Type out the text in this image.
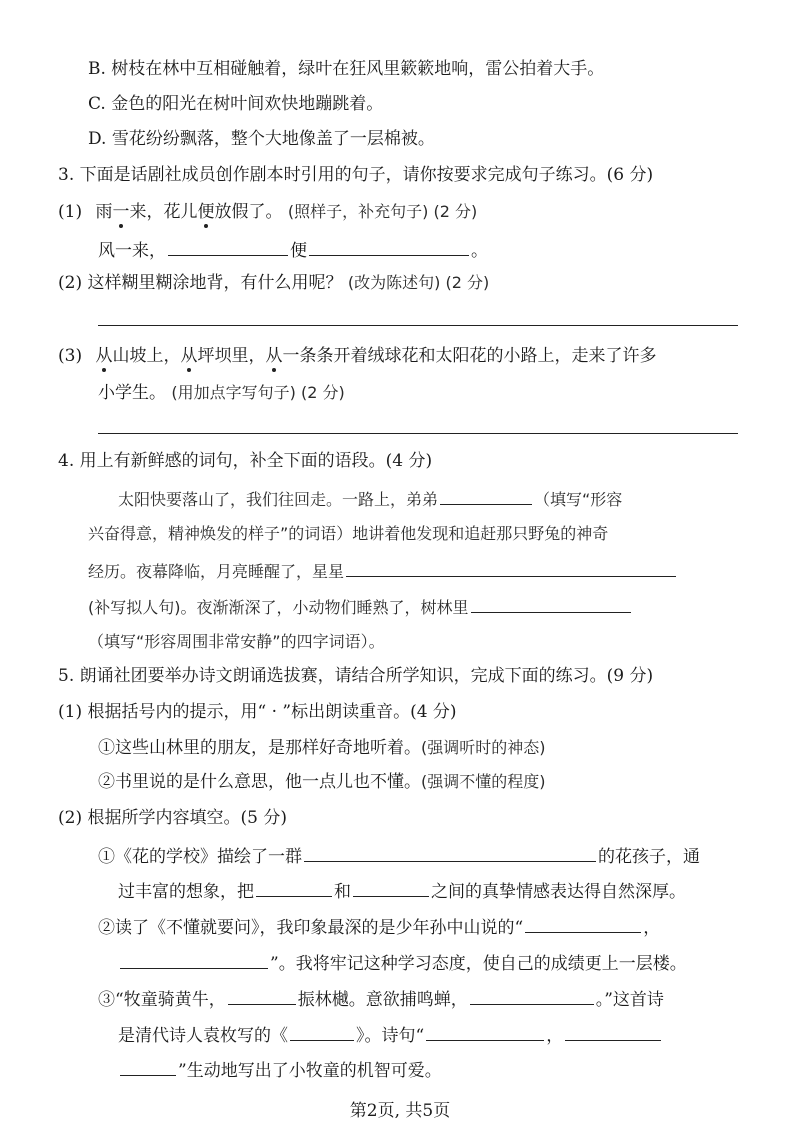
B. 树枝在林中互相碰触着，绿叶在狂风里簌簌地响，雷公拍着大手。
C. 金色的阳光在树叶间欢快地蹦跳着。
D. 雪花纷纷飘落，整个大地像盖了一层棉被。
3. 下面是话剧社成员创作剧本时引用的句子，请你按要求完成句子练习。(6 分)
(1) 雨一来，花儿便放假了。 (照样子，补充句子) (2 分)
风一来，	便	。
(2) 这样糊里糊涂地背，有什么用呢？ (改为陈述句) (2 分)
(3) 从山坡上，从坪坝里，从一条条开着绒球花和太阳花的小路上，走来了许多
小学生。 (用加点字写句子) (2 分)
4. 用上有新鲜感的词句，补全下面的语段。(4 分)
太阳快要落山了，我们往回走。一路上，弟弟	（填写“形容
兴奋得意，精神焕发的样子”的词语）地讲着他发现和追赶那只野兔的神奇
经历。夜幕降临，月亮睡醒了，星星
(补写拟人句)。夜渐渐深了，小动物们睡熟了，树林里
（填写“形容周围非常安静”的四字词语）。
5. 朗诵社团要举办诗文朗诵选拔赛，请结合所学知识，完成下面的练习。(9 分)
(1) 根据括号内的提示，用“ · ”标出朗读重音。(4 分)
①这些山林里的朋友，是那样好奇地听着。(强调听时的神态)
②书里说的是什么意思，他一点儿也不懂。(强调不懂的程度)
(2) 根据所学内容填空。(5 分)
①《花的学校》描绘了一群	的花孩子，通
过丰富的想象，把	和	之间的真挚情感表达得自然深厚。
②读了《不懂就要问》，我印象最深的是少年孙中山说的“	，
”。我将牢记这种学习态度，使自己的成绩更上一层楼。
③“牧童骑黄牛，	振林樾。意欲捕鸣蝉，	。”这首诗
是清代诗人袁枚写的《	》。诗句“	，
”生动地写出了小牧童的机智可爱。
第2页, 共5页
